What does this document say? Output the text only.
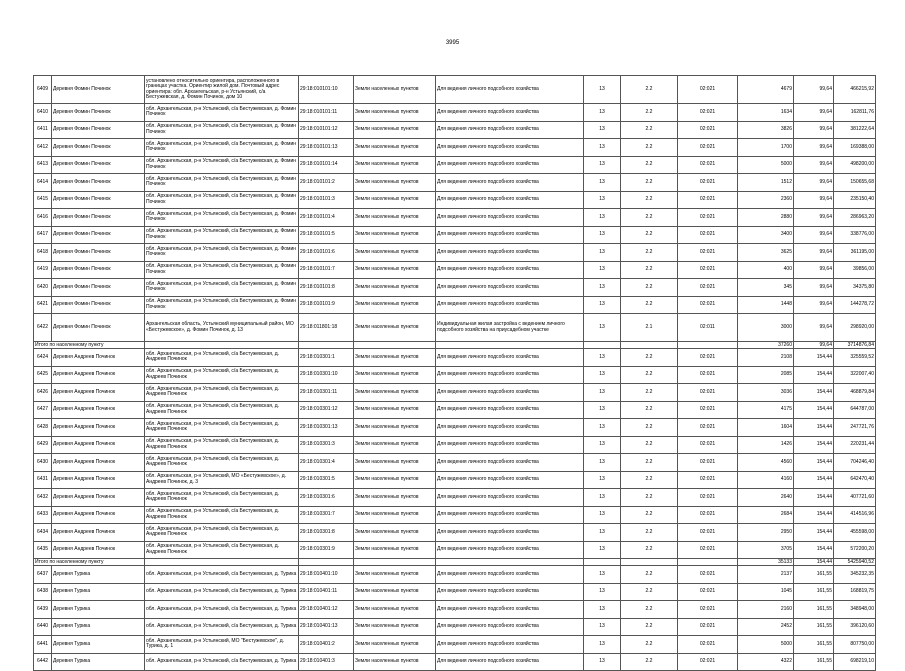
3995
6409	Деревня Фомин Починок	установлено относительно ориентира, расположенного в границах участка. Ориентир жилой дом. Почтовый адрес ориентира: обл. Архангельская, р-н Устьянский, с/а Бестужевская, д. Фомин Починок, дом 10	29:18:010101:10	Земли населенных пунктов	Для ведения личного подсобного хозяйства	13	2.2	02:021	4679	99,64	466215,92
6410	Деревня Фомин Починок	обл. Архангельская, р-н Устьянский, с/а Бестужевская, д. Фомин Починок	29:18:010101:11	Земли населенных пунктов	Для ведения личного подсобного хозяйства	13	2.2	02:021	1634	99,64	162811,76
6411	Деревня Фомин Починок	обл. Архангельская, р-н Устьянский, с/а Бестужевская, д. Фомин Починок	29:18:010101:12	Земли населенных пунктов	Для ведения личного подсобного хозяйства	13	2.2	02:021	3826	99,64	381222,64
6412	Деревня Фомин Починок	обл. Архангельская, р-н Устьянский, с/а Бестужевская, д. Фомин Починок	29:18:010101:13	Земли населенных пунктов	Для ведения личного подсобного хозяйства	13	2.2	02:021	1700	99,64	169388,00
6413	Деревня Фомин Починок	обл. Архангельская, р-н Устьянский, с/а Бестужевская, д. Фомин Починок	29:18:010101:14	Земли населенных пунктов	Для ведения личного подсобного хозяйства	13	2.2	02:021	5000	99,64	498200,00
6414	Деревня Фомин Починок	обл. Архангельская, р-н Устьянский, с/а Бестужевская, д. Фомин Починок	29:18:010101:2	Земли населенных пунктов	Для ведения личного подсобного хозяйства	13	2.2	02:021	1512	99,64	150655,68
6415	Деревня Фомин Починок	обл. Архангельская, р-н Устьянский, с/а Бестужевская, д. Фомин Починок	29:18:010101:3	Земли населенных пунктов	Для ведения личного подсобного хозяйства	13	2.2	02:021	2360	99,64	235150,40
6416	Деревня Фомин Починок	обл. Архангельская, р-н Устьянский, с/а Бестужевская, д. Фомин Починок	29:18:010101:4	Земли населенных пунктов	Для ведения личного подсобного хозяйства	13	2.2	02:021	2880	99,64	286963,20
6417	Деревня Фомин Починок	обл. Архангельская, р-н Устьянский, с/а Бестужевская, д. Фомин Починок	29:18:010101:5	Земли населенных пунктов	Для ведения личного подсобного хозяйства	13	2.2	02:021	3400	99,64	338776,00
6418	Деревня Фомин Починок	обл. Архангельская, р-н Устьянский, с/а Бестужевская, д. Фомин Починок	29:18:010101:6	Земли населенных пунктов	Для ведения личного подсобного хозяйства	13	2.2	02:021	3625	99,64	361195,00
6419	Деревня Фомин Починок	обл. Архангельская, р-н Устьянский, с/а Бестужевская, д. Фомин Починок	29:18:010101:7	Земли населенных пунктов	Для ведения личного подсобного хозяйства	13	2.2	02:021	400	99,64	39856,00
6420	Деревня Фомин Починок	обл. Архангельская, р-н Устьянский, с/а Бестужевская, д. Фомин Починок	29:18:010101:8	Земли населенных пунктов	Для ведения личного подсобного хозяйства	13	2.2	02:021	345	99,64	34375,80
6421	Деревня Фомин Починок	обл. Архангельская, р-н Устьянский, с/а Бестужевская, д. Фомин Починок	29:18:010101:9	Земли населенных пунктов	Для ведения личного подсобного хозяйства	13	2.2	02:021	1448	99,64	144278,72
6422	Деревня Фомин Починок	Архангельская область, Устьянский муниципальный район, МО «Бестужевское», д. Фомин Починок, д. 13	29:18:011801:18	Земли населенных пунктов	Индивидуальная жилая застройка с ведением личного подсобного хозяйства на приусадебном участке	13	2.1	02:011	3000	99,64	298920,00
Итого по населенному пункту									37260	99,64	3714876,84
6424	Деревня Андреев Починок	обл. Архангельская, р-н Устьянский, с/а Бестужевская, д. Андреев Починок	29:18:010301:1	Земли населенных пунктов	Для ведения личного подсобного хозяйства	13	2.2	02:021	2108	154,44	325559,52
6425	Деревня Андреев Починок	обл. Архангельская, р-н Устьянский, с/а Бестужевская, д. Андреев Починок	29:18:010301:10	Земли населенных пунктов	Для ведения личного подсобного хозяйства	13	2.2	02:021	2085	154,44	322007,40
6426	Деревня Андреев Починок	обл. Архангельская, р-н Устьянский, с/а Бестужевская, д. Андреев Починок	29:18:010301:11	Земли населенных пунктов	Для ведения личного подсобного хозяйства	13	2.2	02:021	3036	154,44	468879,84
6427	Деревня Андреев Починок	обл. Архангельская, р-н Устьянский, с/а Бестужевская, д. Андреев Починок	29:18:010301:12	Земли населенных пунктов	Для ведения личного подсобного хозяйства	13	2.2	02:021	4175	154,44	644787,00
6428	Деревня Андреев Починок	обл. Архангельская, р-н Устьянский, с/а Бестужевская, д. Андреев Починок	29:18:010301:13	Земли населенных пунктов	Для ведения личного подсобного хозяйства	13	2.2	02:021	1604	154,44	247721,76
6429	Деревня Андреев Починок	обл. Архангельская, р-н Устьянский, с/а Бестужевская, д. Андреев Починок	29:18:010301:3	Земли населенных пунктов	Для ведения личного подсобного хозяйства	13	2.2	02:021	1426	154,44	220231,44
6430	Деревня Андреев Починок	обл. Архангельская, р-н Устьянский, с/а Бестужевская, д. Андреев Починок	29:18:010301:4	Земли населенных пунктов	Для ведения личного подсобного хозяйства	13	2.2	02:021	4560	154,44	704246,40
6431	Деревня Андреев Починок	обл. Архангельская, р-н Устьянский, МО «Бестужевское», д. Андреев Починок, д. 3	29:18:010301:5	Земли населенных пунктов	Для ведения личного подсобного хозяйства	13	2.2	02:021	4160	154,44	642470,40
6432	Деревня Андреев Починок	обл. Архангельская, р-н Устьянский, с/а Бестужевская, д. Андреев Починок	29:18:010301:6	Земли населенных пунктов	Для ведения личного подсобного хозяйства	13	2.2	02:021	2640	154,44	407721,60
6433	Деревня Андреев Починок	обл. Архангельская, р-н Устьянский, с/а Бестужевская, д. Андреев Починок	29:18:010301:7	Земли населенных пунктов	Для ведения личного подсобного хозяйства	13	2.2	02:021	2684	154,44	414516,96
6434	Деревня Андреев Починок	обл. Архангельская, р-н Устьянский, с/а Бестужевская, д. Андреев Починок	29:18:010301:8	Земли населенных пунктов	Для ведения личного подсобного хозяйства	13	2.2	02:021	2950	154,44	455598,00
6435	Деревня Андреев Починок	обл. Архангельская, р-н Устьянский, с/а Бестужевская, д. Андреев Починок	29:18:010301:9	Земли населенных пунктов	Для ведения личного подсобного хозяйства	13	2.2	02:021	3705	154,44	572200,20
Итого по населенному пункту									35133	154,44	5425940,52
6437	Деревня Турика	обл. Архангельская, р-н Устьянский, с/а Бестужевская, д. Турика	29:18:010401:10	Земли населенных пунктов	Для ведения личного подсобного хозяйства	13	2.2	02:021	2137	161,55	345232,35
6438	Деревня Турика	обл. Архангельская, р-н Устьянский, с/а Бестужевская, д. Турика	29:18:010401:11	Земли населенных пунктов	Для ведения личного подсобного хозяйства	13	2.2	02:021	1045	161,55	168819,75
6439	Деревня Турика	обл. Архангельская, р-н Устьянский, с/а Бестужевская, д. Турика	29:18:010401:12	Земли населенных пунктов	Для ведения личного подсобного хозяйства	13	2.2	02:021	2160	161,55	348948,00
6440	Деревня Турика	обл. Архангельская, р-н Устьянский, с/а Бестужевская, д. Турика	29:18:010401:13	Земли населенных пунктов	Для ведения личного подсобного хозяйства	13	2.2	02:021	2452	161,55	396120,60
6441	Деревня Турика	обл. Архангельская, р-н Устьянский, МО "Бестужевское", д. Турика, д. 1	29:18:010401:2	Земли населенных пунктов	Для ведения личного подсобного хозяйства	13	2.2	02:021	5000	161,55	807750,00
6442	Деревня Турика	обл. Архангельская, р-н Устьянский, с/а Бестужевская, д. Турика	29:18:010401:3	Земли населенных пунктов	Для ведения личного подсобного хозяйства	13	2.2	02:021	4322	161,55	698219,10
